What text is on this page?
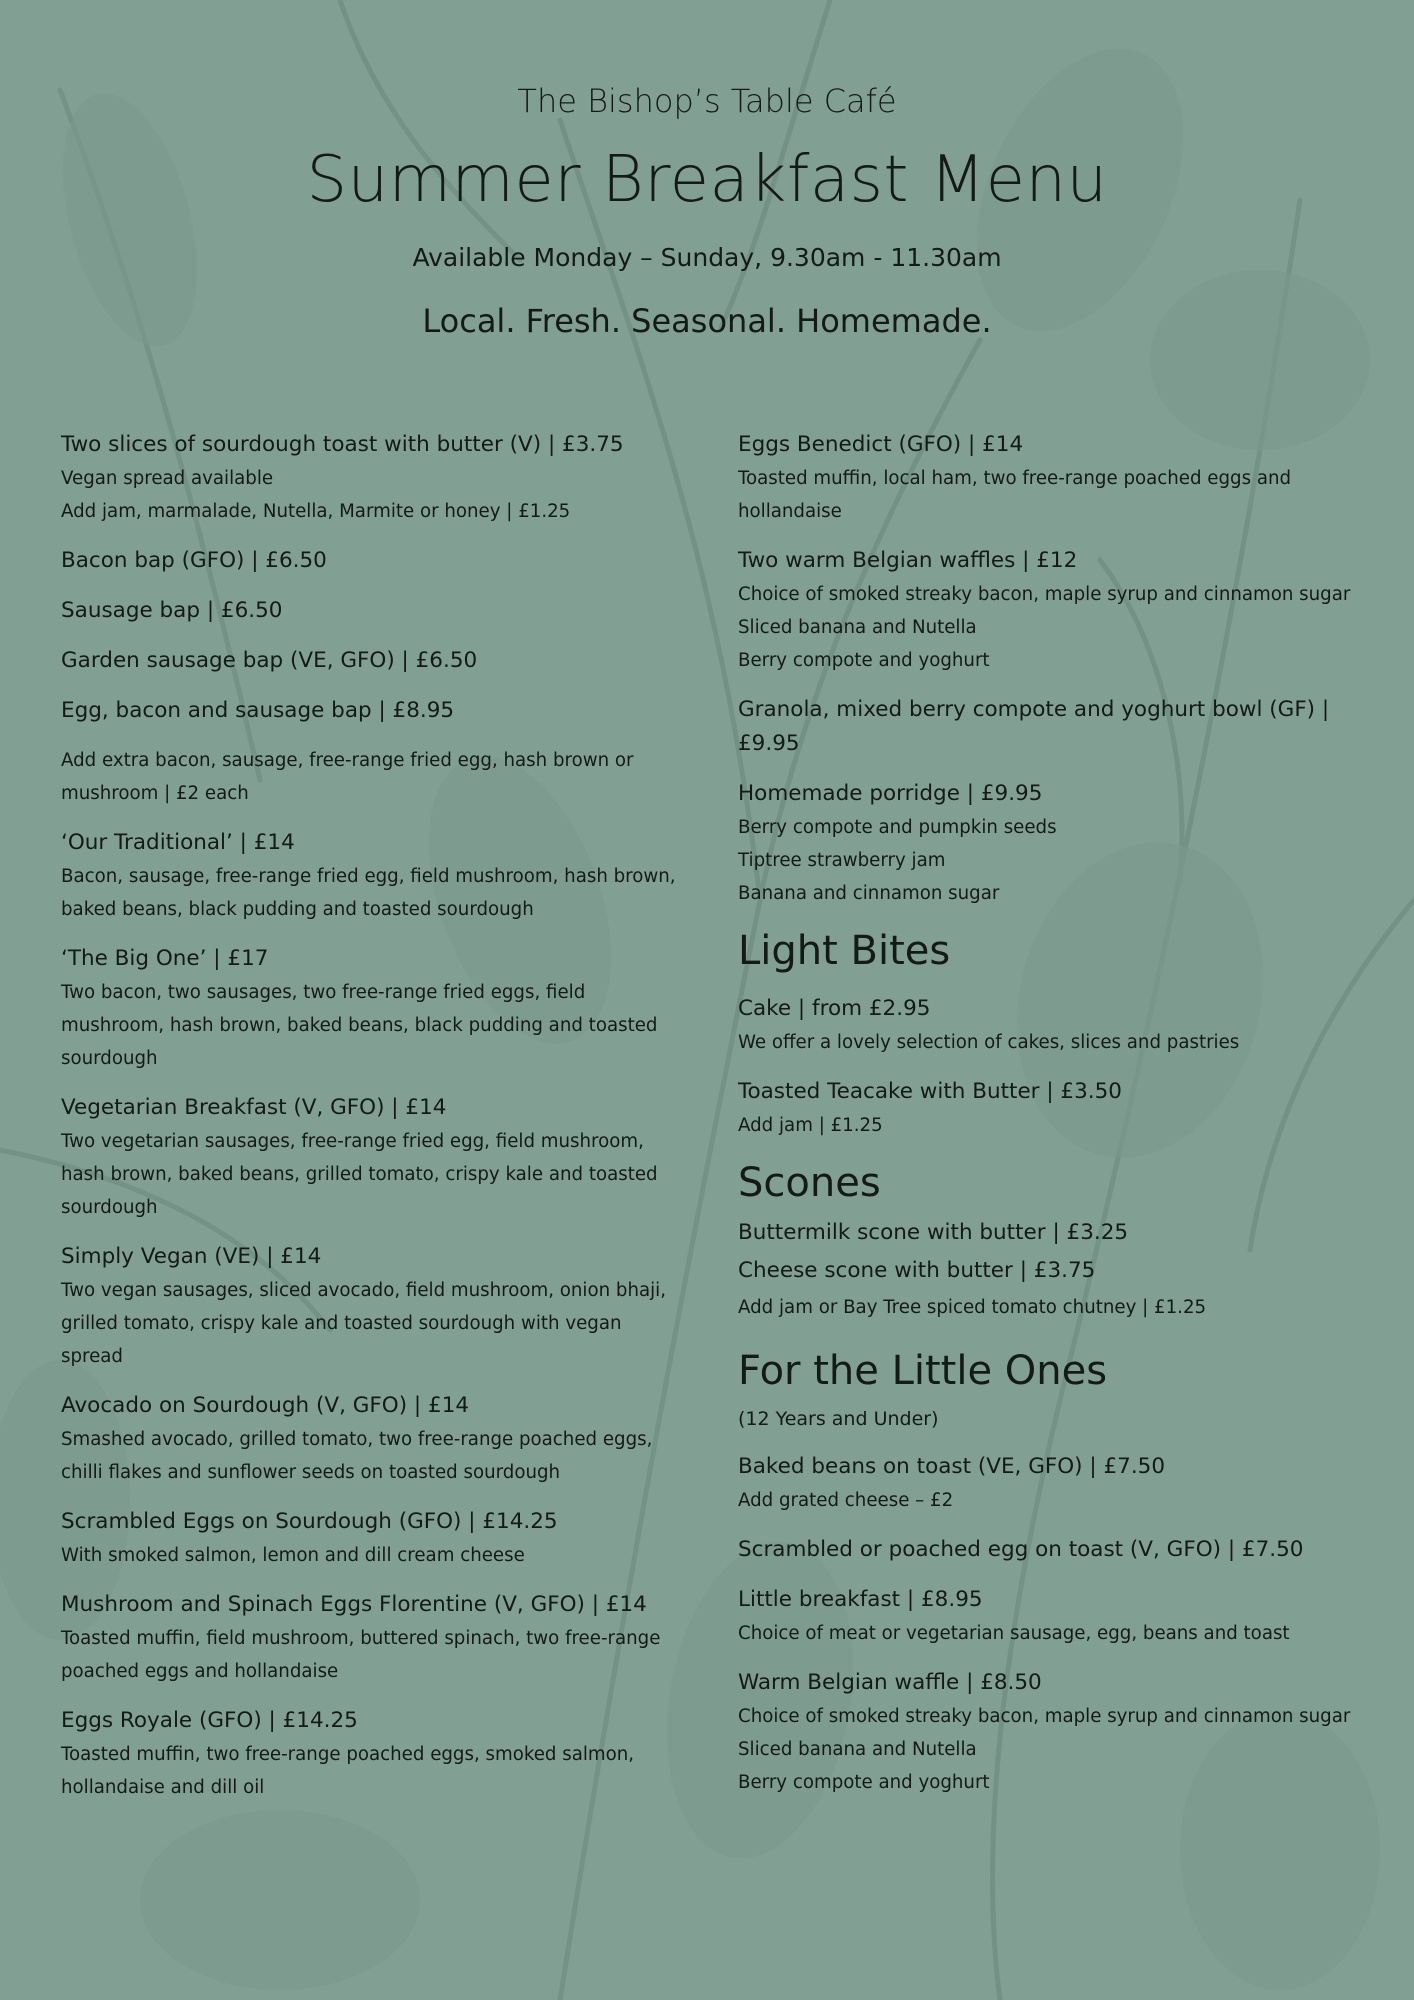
The Bishop’s Table Café
Summer Breakfast Menu
Available Monday – Sunday, 9.30am - 11.30am
Local. Fresh. Seasonal. Homemade.
Two slices of sourdough toast with butter (V) | £3.75
Vegan spread available
Add jam, marmalade, Nutella, Marmite or honey | £1.25
Bacon bap (GFO) | £6.50
Sausage bap | £6.50
Garden sausage bap (VE, GFO) | £6.50
Egg, bacon and sausage bap | £8.95
Add extra bacon, sausage, free-range fried egg, hash brown or
mushroom | £2 each
‘Our Traditional’ | £14
Bacon, sausage, free-range fried egg, field mushroom, hash brown,
baked beans, black pudding and toasted sourdough
‘The Big One’ | £17
Two bacon, two sausages, two free-range fried eggs, field
mushroom, hash brown, baked beans, black pudding and toasted
sourdough
Vegetarian Breakfast (V, GFO) | £14
Two vegetarian sausages, free-range fried egg, field mushroom,
hash brown, baked beans, grilled tomato, crispy kale and toasted
sourdough
Simply Vegan (VE) | £14
Two vegan sausages, sliced avocado, field mushroom, onion bhaji,
grilled tomato, crispy kale and toasted sourdough with vegan
spread
Avocado on Sourdough (V, GFO) | £14
Smashed avocado, grilled tomato, two free-range poached eggs,
chilli flakes and sunflower seeds on toasted sourdough
Scrambled Eggs on Sourdough (GFO) | £14.25
With smoked salmon, lemon and dill cream cheese
Mushroom and Spinach Eggs Florentine (V, GFO) | £14
Toasted muffin, field mushroom, buttered spinach, two free-range
poached eggs and hollandaise
Eggs Royale (GFO) | £14.25
Toasted muffin, two free-range poached eggs, smoked salmon,
hollandaise and dill oil
Eggs Benedict (GFO) | £14
Toasted muffin, local ham, two free-range poached eggs and
hollandaise
Two warm Belgian waffles | £12
Choice of smoked streaky bacon, maple syrup and cinnamon sugar
Sliced banana and Nutella
Berry compote and yoghurt
Granola, mixed berry compote and yoghurt bowl (GF) | £9.95
Homemade porridge | £9.95
Berry compote and pumpkin seeds
Tiptree strawberry jam
Banana and cinnamon sugar
Light Bites
Cake | from £2.95
We offer a lovely selection of cakes, slices and pastries
Toasted Teacake with Butter | £3.50
Add jam | £1.25
Scones
Buttermilk scone with butter | £3.25
Cheese scone with butter | £3.75
Add jam or Bay Tree spiced tomato chutney | £1.25
For the Little Ones
(12 Years and Under)
Baked beans on toast (VE, GFO) | £7.50
Add grated cheese – £2
Scrambled or poached egg on toast (V, GFO) | £7.50
Little breakfast | £8.95
Choice of meat or vegetarian sausage, egg, beans and toast
Warm Belgian waffle | £8.50
Choice of smoked streaky bacon, maple syrup and cinnamon sugar
Sliced banana and Nutella
Berry compote and yoghurt
